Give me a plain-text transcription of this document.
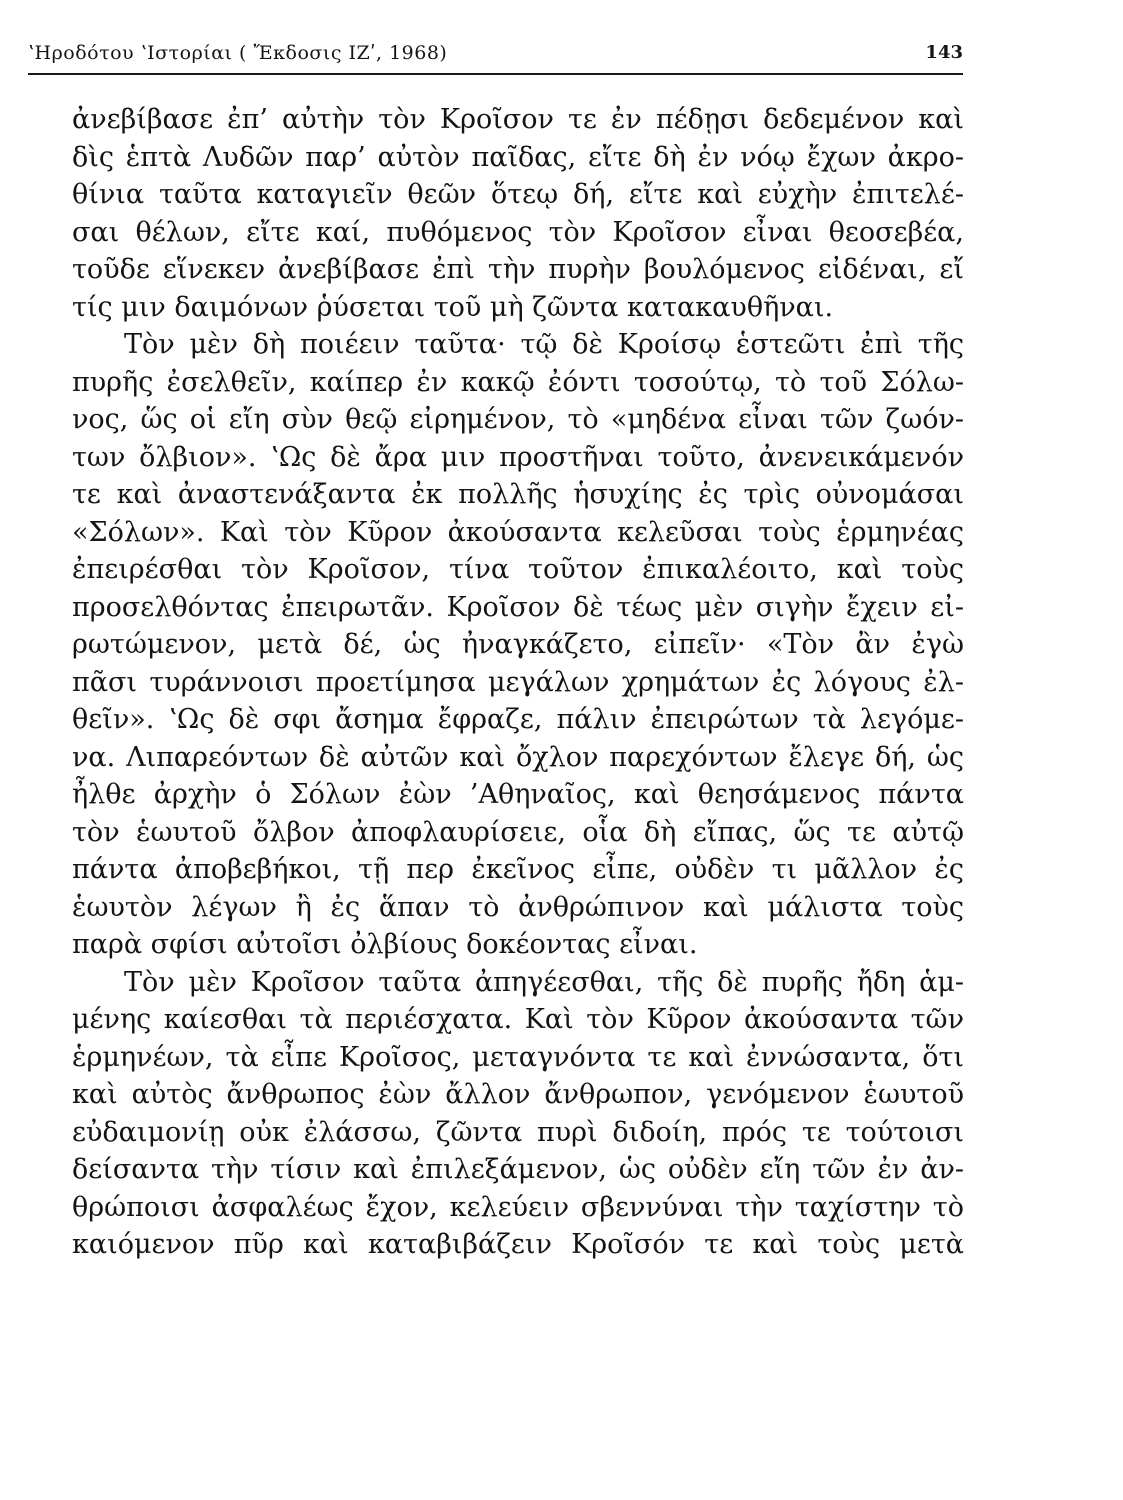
ʽΗροδότου ʽΙστορίαι ( Ἔκδοσις ΙΖʹ, 1968)	143
ἀνεβίβασε ἐπ’ αὐτὴν τὸν Κροῖσον τε ἐν πέδῃσι δεδεμένον καὶ
δὶς ἑπτὰ Λυδῶν παρ’ αὐτὸν παῖδας, εἴτε δὴ ἐν νόῳ ἔχων ἀκρο-
θίνια ταῦτα καταγιεῖν θεῶν ὅτεῳ δή, εἴτε καὶ εὐχὴν ἐπιτελέ-
σαι θέλων, εἴτε καί, πυθόμενος τὸν Κροῖσον εἶναι θεοσεβέα,
τοῦδε εἵνεκεν ἀνεβίβασε ἐπὶ τὴν πυρὴν βουλόμενος εἰδέναι, εἴ
τίς μιν δαιμόνων ῥύσεται τοῦ μὴ ζῶντα κατακαυθῆναι.
Τὸν μὲν δὴ ποιέειν ταῦτα· τῷ δὲ Κροίσῳ ἑστεῶτι ἐπὶ τῆς
πυρῆς ἐσελθεῖν, καίπερ ἐν κακῷ ἐόντι τοσούτῳ, τὸ τοῦ Σόλω-
νος, ὥς οἱ εἴη σὺν θεῷ εἰρημένον, τὸ «μηδένα εἶναι τῶν ζωόν-
των ὄλβιον». ʽΩς δὲ ἄρα μιν προστῆναι τοῦτο, ἀνενεικάμενόν
τε καὶ ἀναστενάξαντα ἐκ πολλῆς ἡσυχίης ἐς τρὶς οὐνομάσαι
«Σόλων». Καὶ τὸν Κῦρον ἀκούσαντα κελεῦσαι τοὺς ἑρμηνέας
ἐπειρέσθαι τὸν Κροῖσον, τίνα τοῦτον ἐπικαλέοιτο, καὶ τοὺς
προσελθόντας ἐπειρωτᾶν. Κροῖσον δὲ τέως μὲν σιγὴν ἔχειν εἰ-
ρωτώμενον, μετὰ δέ, ὡς ἠναγκάζετο, εἰπεῖν· «Τὸν ἂν ἐγὼ
πᾶσι τυράννοισι προετίμησα μεγάλων χρημάτων ἐς λόγους ἐλ-
θεῖν». ʽΩς δὲ σφι ἄσημα ἔφραζε, πάλιν ἐπειρώτων τὰ λεγόμε-
να. Λιπαρεόντων δὲ αὐτῶν καὶ ὄχλον παρεχόντων ἔλεγε δή, ὡς
ἦλθε ἀρχὴν ὁ Σόλων ἐὼν ’Αθηναῖος, καὶ θεησάμενος πάντα
τὸν ἑωυτοῦ ὄλβον ἀποφλαυρίσειε, οἷα δὴ εἴπας, ὥς τε αὐτῷ
πάντα ἀποβεβήκοι, τῇ περ ἐκεῖνος εἶπε, οὐδὲν τι μᾶλλον ἐς
ἑωυτὸν λέγων ἢ ἐς ἅπαν τὸ ἀνθρώπινον καὶ μάλιστα τοὺς
παρὰ σφίσι αὐτοῖσι ὀλβίους δοκέοντας εἶναι.
Τὸν μὲν Κροῖσον ταῦτα ἀπηγέεσθαι, τῆς δὲ πυρῆς ἤδη ἁμ-
μένης καίεσθαι τὰ περιέσχατα. Καὶ τὸν Κῦρον ἀκούσαντα τῶν
ἑρμηνέων, τὰ εἶπε Κροῖσος, μεταγνόντα τε καὶ ἐννώσαντα, ὅτι
καὶ αὐτὸς ἄνθρωπος ἐὼν ἄλλον ἄνθρωπον, γενόμενον ἑωυτοῦ
εὐδαιμονίῃ οὐκ ἐλάσσω, ζῶντα πυρὶ διδοίη, πρός τε τούτοισι
δείσαντα τὴν τίσιν καὶ ἐπιλεξάμενον, ὡς οὐδὲν εἴη τῶν ἐν ἀν-
θρώποισι ἀσφαλέως ἔχον, κελεύειν σβεννύναι τὴν ταχίστην τὸ
καιόμενον πῦρ καὶ καταβιβάζειν Κροῖσόν τε καὶ τοὺς μετὰ
